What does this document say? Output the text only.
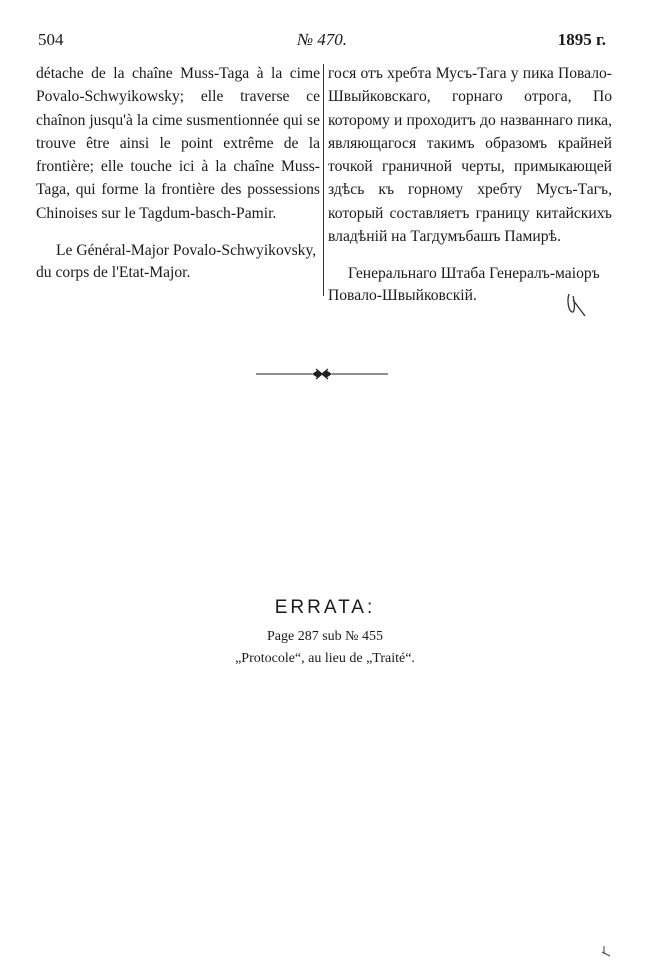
504	№ 470.	1895 г.

détache de la chaîne Muss-Taga à la cime Povalo-Schwyikowsky; elle traverse ce chaînon jusqu'à la cime susmentionnée qui se trouve être ainsi le point extrême de la frontière; elle touche ici à la chaîne Muss-Taga, qui forme la frontière des possessions Chinoises sur le Tagdum-basch-Pamir.

Le Général-Major Povalo-Schwyikovsky,
du corps de l'Etat-Major.

гося отъ хребта Мусъ-Тага у пика Повало-Швыйковскаго, горнаго отрога, По которому и проходитъ до названнаго пика, являющагося такимъ образомъ крайней точкой граничной черты, примыкающей здѣсь къ горному хребту Мусъ-Тагъ, который составляетъ границу китайскихъ владѣній на Тагдумъбашъ Памирѣ.

Генеральнаго Штаба Генералъ-маіоръ
Повало-Швыйковскій.

ERRATA:
Page 287 sub № 455
„Protocole“, au lieu de „Traité“.
